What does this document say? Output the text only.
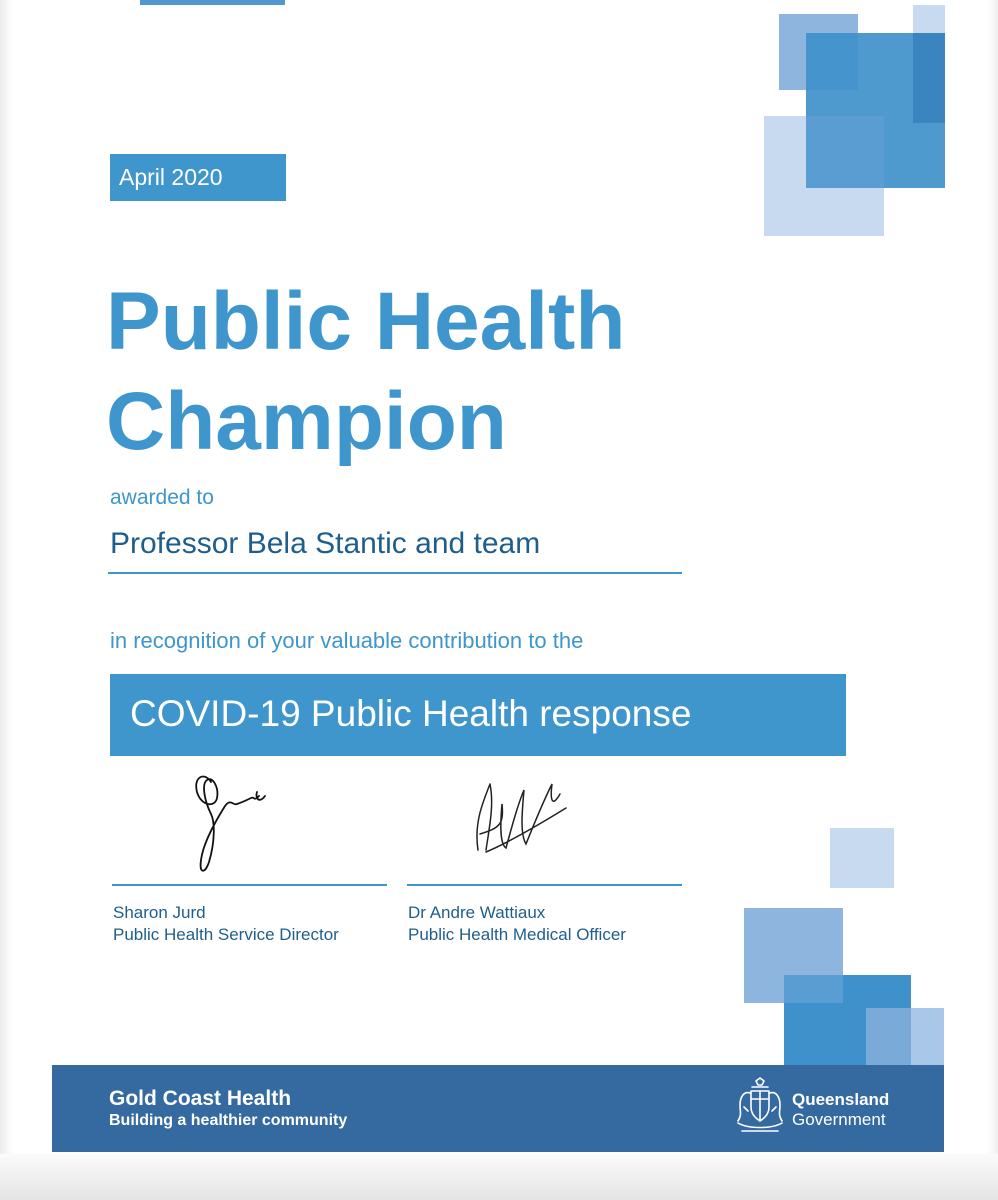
April 2020
Public Health
Champion
awarded to
Professor Bela Stantic and team
in recognition of your valuable contribution to the
COVID-19 Public Health response
Sharon Jurd
Public Health Service Director
Dr Andre Wattiaux
Public Health Medical Officer
Gold Coast Health
Building a healthier community
Queensland
Government
